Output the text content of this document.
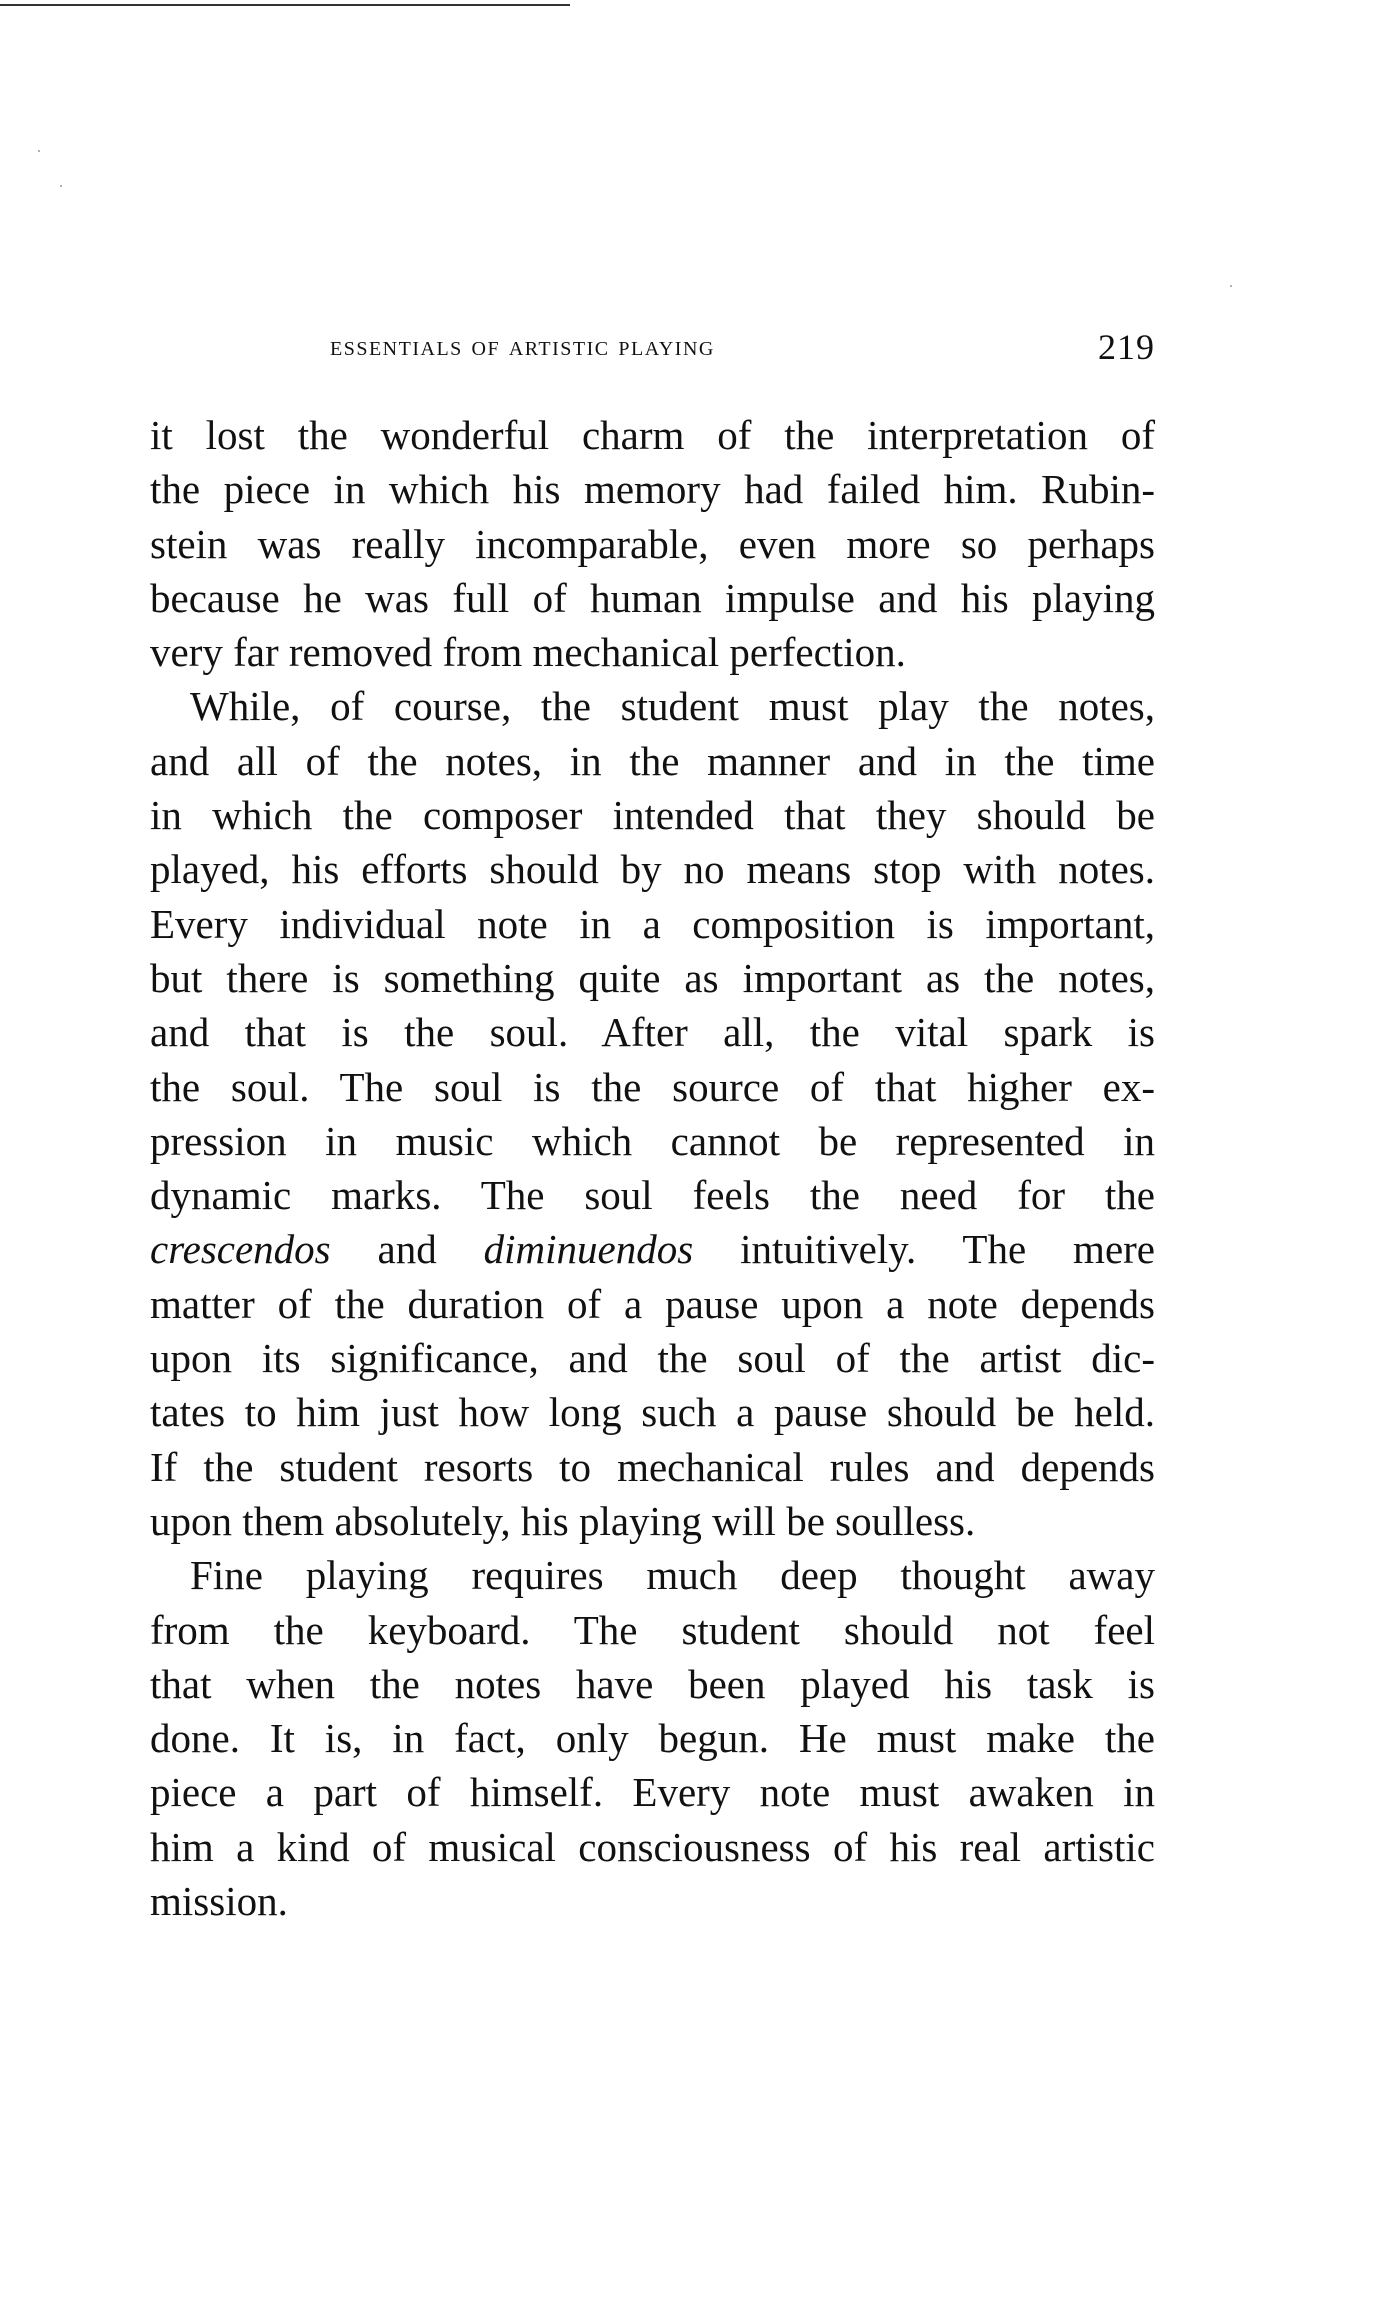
essentials of artistic playing	219
it lost the wonderful charm of the interpretation of
the piece in which his memory had failed him. Rubin-
stein was really incomparable, even more so perhaps
because he was full of human impulse and his playing
very far removed from mechanical perfection.
While, of course, the student must play the notes,
and all of the notes, in the manner and in the time
in which the composer intended that they should be
played, his efforts should by no means stop with notes.
Every individual note in a composition is important,
but there is something quite as important as the notes,
and that is the soul. After all, the vital spark is
the soul. The soul is the source of that higher ex-
pression in music which cannot be represented in
dynamic marks. The soul feels the need for the
crescendos and diminuendos intuitively. The mere
matter of the duration of a pause upon a note depends
upon its significance, and the soul of the artist dic-
tates to him just how long such a pause should be held.
If the student resorts to mechanical rules and depends
upon them absolutely, his playing will be soulless.
Fine playing requires much deep thought away
from the keyboard. The student should not feel
that when the notes have been played his task is
done. It is, in fact, only begun. He must make the
piece a part of himself. Every note must awaken in
him a kind of musical consciousness of his real artistic
mission.
